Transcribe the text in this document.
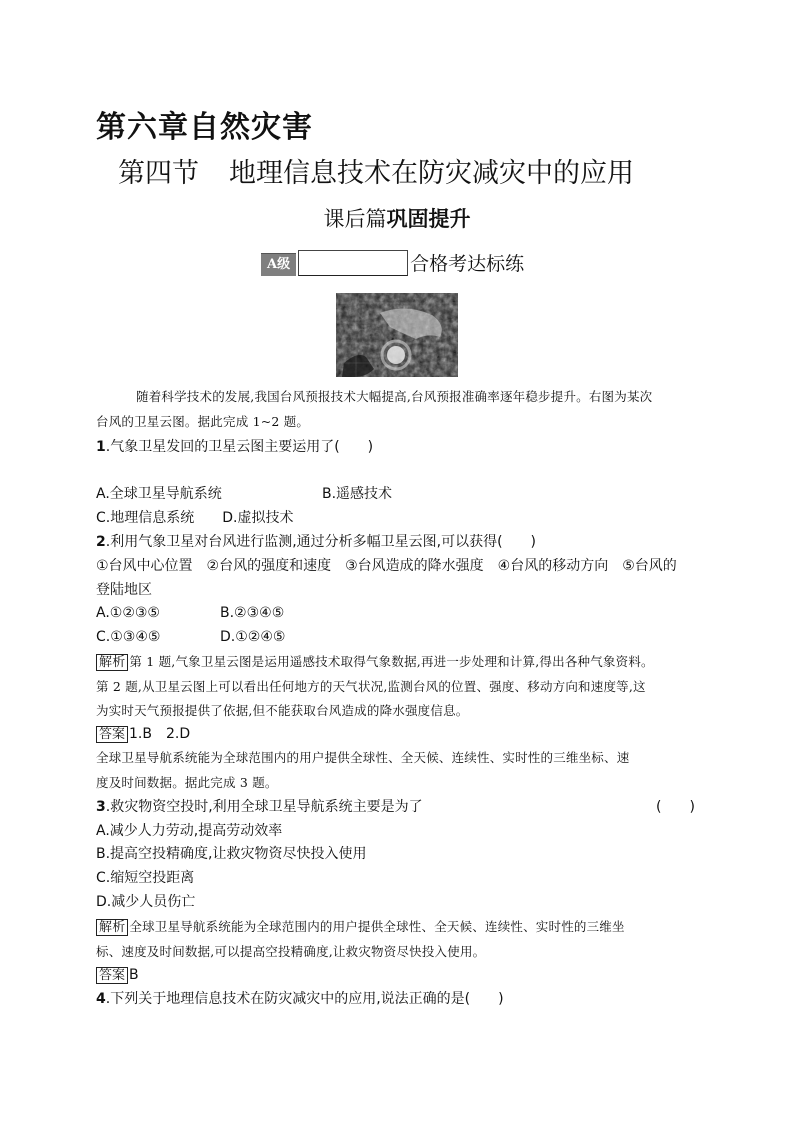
第六章自然灾害
第四节 地理信息技术在防灾减灾中的应用
课后篇巩固提升
A级	合格考达标练
随着科学技术的发展,我国台风预报技术大幅提高,台风预报准确率逐年稳步提升。右图为某次
台风的卫星云图。据此完成 1~2 题。
1.气象卫星发回的卫星云图主要运用了(　　)
A.全球卫星导航系统	B.遥感技术
C.地理信息系统　　D.虚拟技术
2.利用气象卫星对台风进行监测,通过分析多幅卫星云图,可以获得(　　)
①台风中心位置　②台风的强度和速度　③台风造成的降水强度　④台风的移动方向　⑤台风的
登陆地区
A.①②③⑤	B.②③④⑤
C.①③④⑤	D.①②④⑤
解析 第 1 题,气象卫星云图是运用遥感技术取得气象数据,再进一步处理和计算,得出各种气象资料。
第 2 题,从卫星云图上可以看出任何地方的天气状况,监测台风的位置、强度、移动方向和速度等,这
为实时天气预报提供了依据,但不能获取台风造成的降水强度信息。
答案 1.B　2.D
全球卫星导航系统能为全球范围内的用户提供全球性、全天候、连续性、实时性的三维坐标、速
度及时间数据。据此完成 3 题。
3.救灾物资空投时,利用全球卫星导航系统主要是为了	(　　)
A.减少人力劳动,提高劳动效率
B.提高空投精确度,让救灾物资尽快投入使用
C.缩短空投距离
D.减少人员伤亡
解析 全球卫星导航系统能为全球范围内的用户提供全球性、全天候、连续性、实时性的三维坐
标、速度及时间数据,可以提高空投精确度,让救灾物资尽快投入使用。
答案 B
4.下列关于地理信息技术在防灾减灾中的应用,说法正确的是(　　)
